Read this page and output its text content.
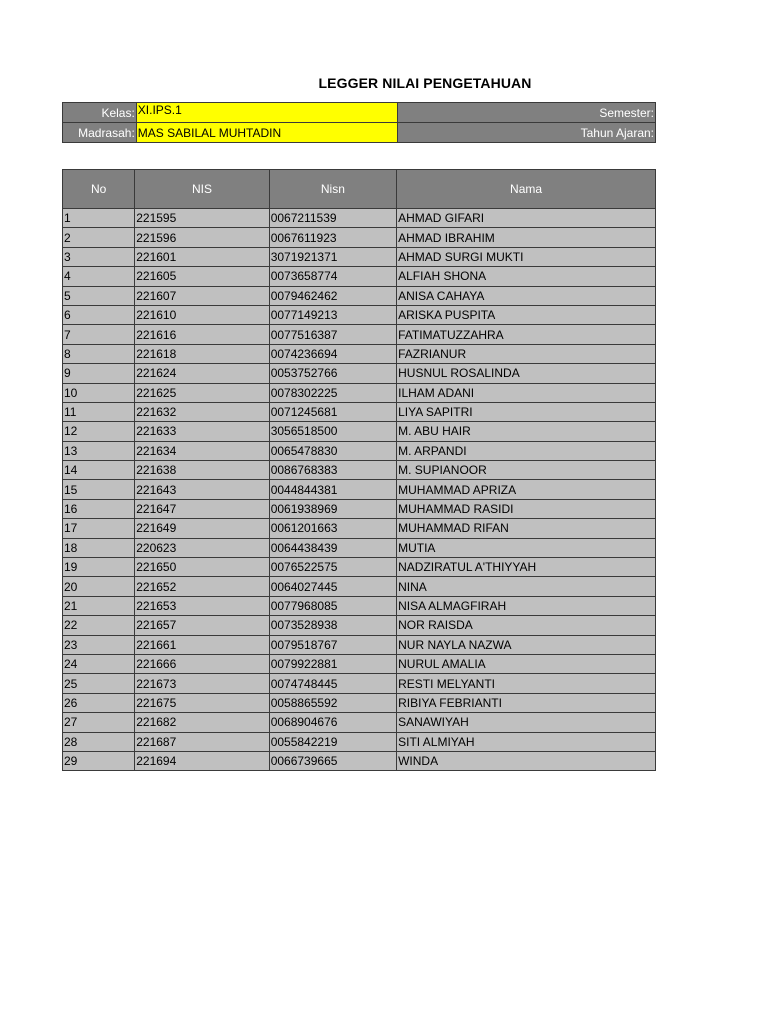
LEGGER NILAI PENGETAHUAN
Kelas:	XI.IPS.1	Semester:
Madrasah:	MAS SABILAL MUHTADIN	Tahun Ajaran:
No	NIS	Nisn	Nama
1	221595	0067211539	AHMAD GIFARI
2	221596	0067611923	AHMAD IBRAHIM
3	221601	3071921371	AHMAD SURGI MUKTI
4	221605	0073658774	ALFIAH SHONA
5	221607	0079462462	ANISA CAHAYA
6	221610	0077149213	ARISKA PUSPITA
7	221616	0077516387	FATIMATUZZAHRA
8	221618	0074236694	FAZRIANUR
9	221624	0053752766	HUSNUL ROSALINDA
10	221625	0078302225	ILHAM ADANI
11	221632	0071245681	LIYA SAPITRI
12	221633	3056518500	M. ABU HAIR
13	221634	0065478830	M. ARPANDI
14	221638	0086768383	M. SUPIANOOR
15	221643	0044844381	MUHAMMAD APRIZA
16	221647	0061938969	MUHAMMAD RASIDI
17	221649	0061201663	MUHAMMAD RIFAN
18	220623	0064438439	MUTIA
19	221650	0076522575	NADZIRATUL A'THIYYAH
20	221652	0064027445	NINA
21	221653	0077968085	NISA ALMAGFIRAH
22	221657	0073528938	NOR RAISDA
23	221661	0079518767	NUR NAYLA NAZWA
24	221666	0079922881	NURUL AMALIA
25	221673	0074748445	RESTI MELYANTI
26	221675	0058865592	RIBIYA FEBRIANTI
27	221682	0068904676	SANAWIYAH
28	221687	0055842219	SITI ALMIYAH
29	221694	0066739665	WINDA
